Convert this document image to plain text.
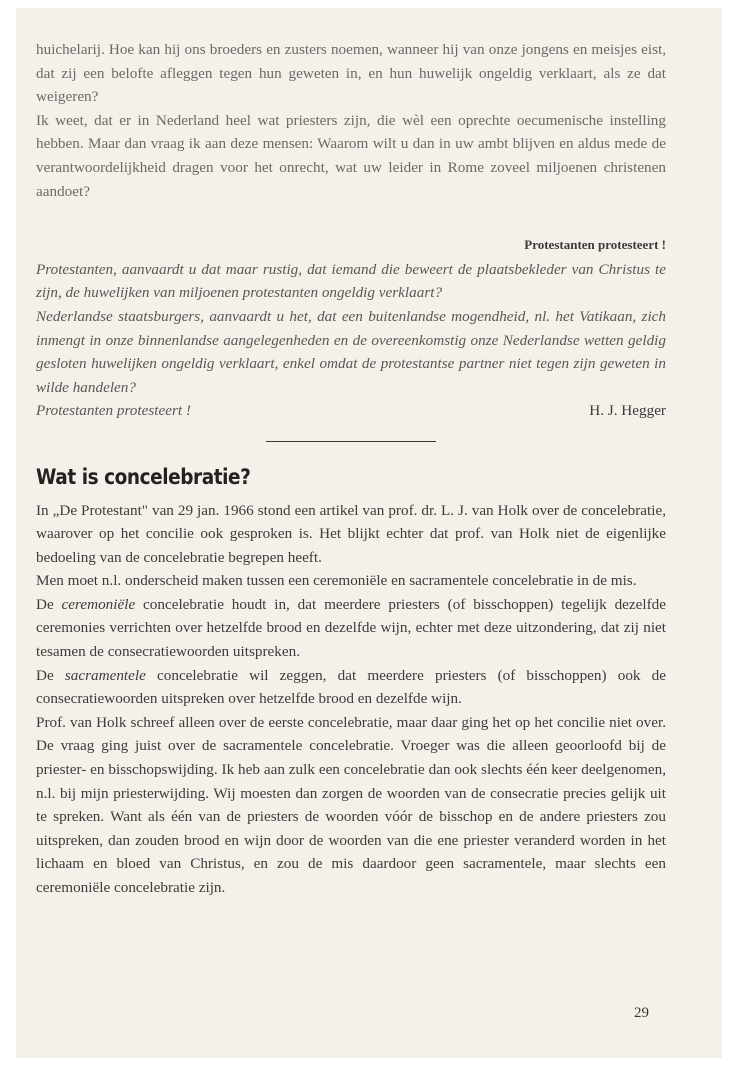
huichelarij. Hoe kan hij ons broeders en zusters noemen, wanneer hij van onze jongens en meisjes eist, dat zij een belofte afleggen tegen hun geweten in, en hun huwelijk ongeldig verklaart, als ze dat weigeren?

Ik weet, dat er in Nederland heel wat priesters zijn, die wèl een oprechte oecumenische instelling hebben. Maar dan vraag ik aan deze mensen: Waarom wilt u dan in uw ambt blijven en aldus mede de verantwoordelijkheid dragen voor het onrecht, wat uw leider in Rome zoveel miljoenen christenen aandoet?

Protestanten protesteert !

Protestanten, aanvaardt u dat maar rustig, dat iemand die beweert de plaatsbekleder van Christus te zijn, de huwelijken van miljoenen protestanten ongeldig verklaart?

Nederlandse staatsburgers, aanvaardt u het, dat een buitenlandse mogendheid, nl. het Vatikaan, zich inmengt in onze binnenlandse aangelegenheden en de overeenkomstig onze Nederlandse wetten geldig gesloten huwelijken ongeldig verklaart, enkel omdat de protestantse partner niet tegen zijn geweten in wilde handelen?

Protestanten protesteert !	H. J. Hegger
Wat is concelebratie?

In „De Protestant" van 29 jan. 1966 stond een artikel van prof. dr. L. J. van Holk over de concelebratie, waarover op het concilie ook gesproken is. Het blijkt echter dat prof. van Holk niet de eigenlijke bedoeling van de concelebratie begrepen heeft.

Men moet n.l. onderscheid maken tussen een ceremoniële en sacramentele concelebratie in de mis.

De ceremoniële concelebratie houdt in, dat meerdere priesters (of bisschoppen) tegelijk dezelfde ceremonies verrichten over hetzelfde brood en dezelfde wijn, echter met deze uitzondering, dat zij niet tesamen de consecratiewoorden uitspreken.

De sacramentele concelebratie wil zeggen, dat meerdere priesters (of bisschoppen) ook de consecratiewoorden uitspreken over hetzelfde brood en dezelfde wijn.

Prof. van Holk schreef alleen over de eerste concelebratie, maar daar ging het op het concilie niet over. De vraag ging juist over de sacramentele concelebratie. Vroeger was die alleen geoorloofd bij de priester- en bisschopswijding. Ik heb aan zulk een concelebratie dan ook slechts één keer deelgenomen, n.l. bij mijn priesterwijding. Wij moesten dan zorgen de woorden van de consecratie precies gelijk uit te spreken. Want als één van de priesters de woorden vóór de bisschop en de andere priesters zou uitspreken, dan zouden brood en wijn door de woorden van die ene priester veranderd worden in het lichaam en bloed van Christus, en zou de mis daardoor geen sacramentele, maar slechts een ceremoniële concelebratie zijn.

29
